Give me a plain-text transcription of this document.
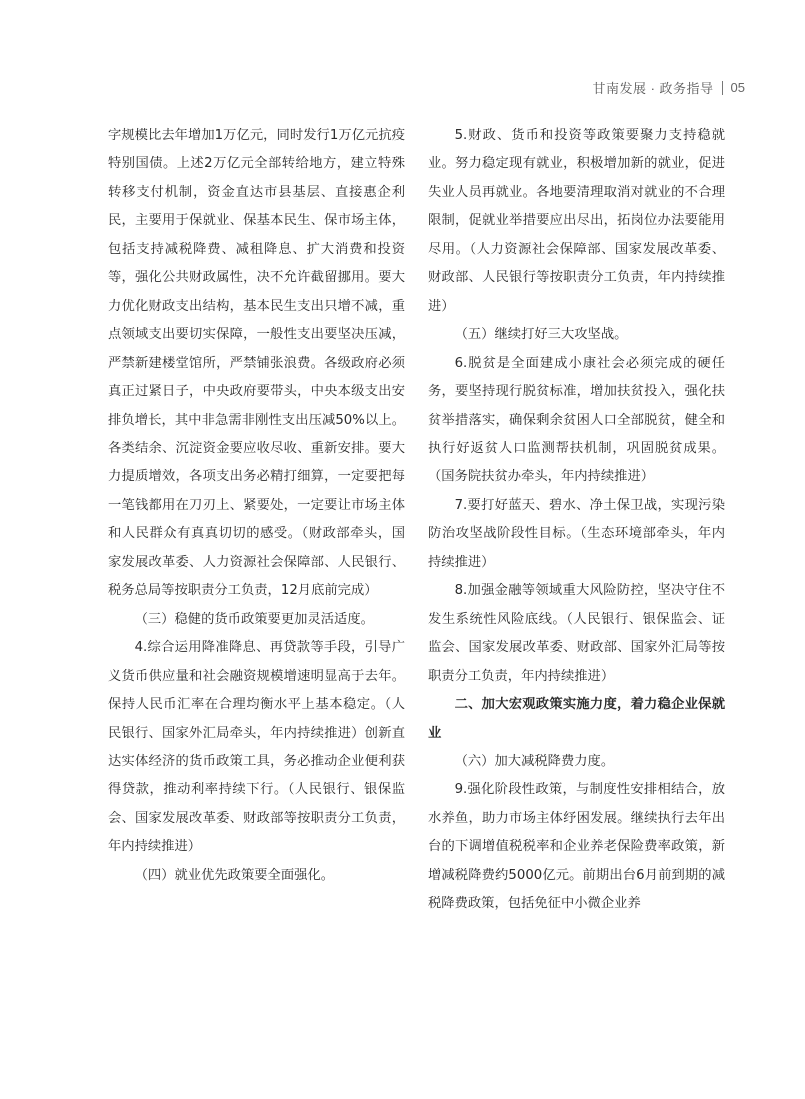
甘南发展 · 政务指导 05

字规模比去年增加1万亿元，同时发行1万亿元抗疫特别国债。上述2万亿元全部转给地方，建立特殊转移支付机制，资金直达市县基层、直接惠企利民，主要用于保就业、保基本民生、保市场主体，包括支持减税降费、减租降息、扩大消费和投资等，强化公共财政属性，决不允许截留挪用。要大力优化财政支出结构，基本民生支出只增不减，重点领域支出要切实保障，一般性支出要坚决压减，严禁新建楼堂馆所，严禁铺张浪费。各级政府必须真正过紧日子，中央政府要带头，中央本级支出安排负增长，其中非急需非刚性支出压减50%以上。各类结余、沉淀资金要应收尽收、重新安排。要大力提质增效，各项支出务必精打细算，一定要把每一笔钱都用在刀刃上、紧要处，一定要让市场主体和人民群众有真真切切的感受。（财政部牵头，国家发展改革委、人力资源社会保障部、人民银行、税务总局等按职责分工负责，12月底前完成）

（三）稳健的货币政策要更加灵活适度。

4.综合运用降准降息、再贷款等手段，引导广义货币供应量和社会融资规模增速明显高于去年。保持人民币汇率在合理均衡水平上基本稳定。（人民银行、国家外汇局牵头，年内持续推进）创新直达实体经济的货币政策工具，务必推动企业便利获得贷款，推动利率持续下行。（人民银行、银保监会、国家发展改革委、财政部等按职责分工负责，年内持续推进）

（四）就业优先政策要全面强化。

5.财政、货币和投资等政策要聚力支持稳就业。努力稳定现有就业，积极增加新的就业，促进失业人员再就业。各地要清理取消对就业的不合理限制，促就业举措要应出尽出，拓岗位办法要能用尽用。（人力资源社会保障部、国家发展改革委、财政部、人民银行等按职责分工负责，年内持续推进）

（五）继续打好三大攻坚战。

6.脱贫是全面建成小康社会必须完成的硬任务，要坚持现行脱贫标准，增加扶贫投入，强化扶贫举措落实，确保剩余贫困人口全部脱贫，健全和执行好返贫人口监测帮扶机制，巩固脱贫成果。（国务院扶贫办牵头，年内持续推进）

7.要打好蓝天、碧水、净土保卫战，实现污染防治攻坚战阶段性目标。（生态环境部牵头，年内持续推进）

8.加强金融等领域重大风险防控，坚决守住不发生系统性风险底线。（人民银行、银保监会、证监会、国家发展改革委、财政部、国家外汇局等按职责分工负责，年内持续推进）

二、加大宏观政策实施力度，着力稳企业保就业

（六）加大减税降费力度。

9.强化阶段性政策，与制度性安排相结合，放水养鱼，助力市场主体纾困发展。继续执行去年出台的下调增值税税率和企业养老保险费率政策，新增减税降费约5000亿元。前期出台6月前到期的减税降费政策，包括免征中小微企业养
